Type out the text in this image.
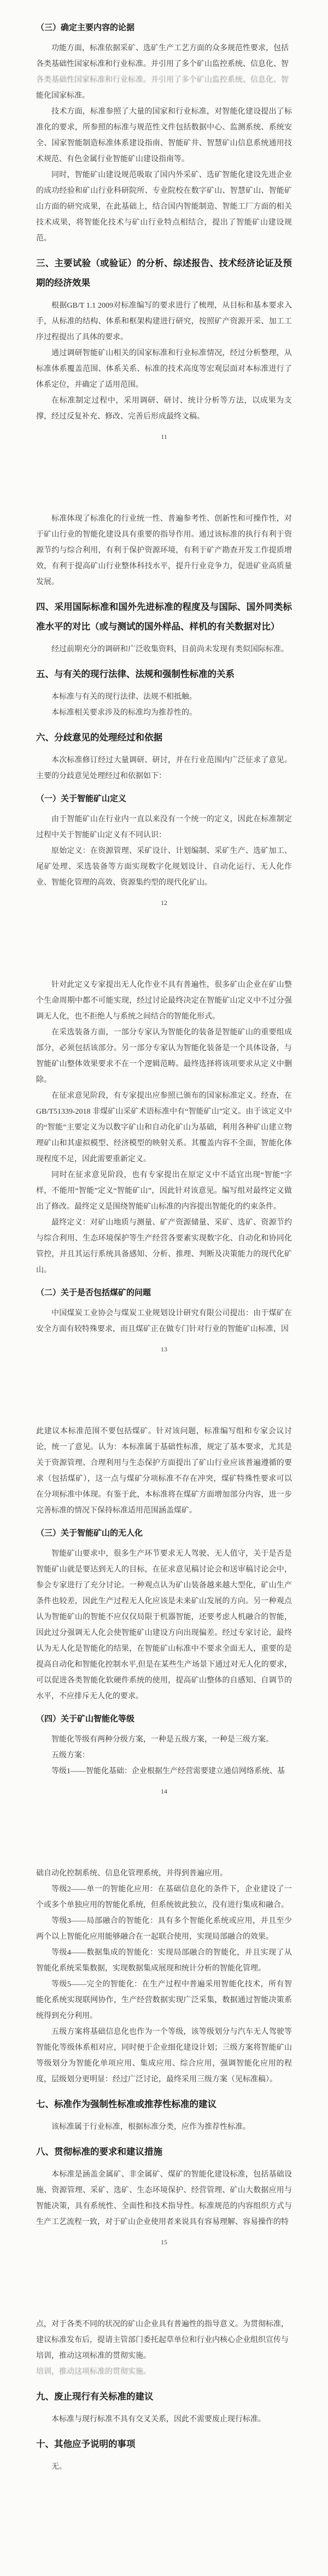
（三）确定主要内容的论据
功能方面，标准依据采矿、选矿生产工艺方面的众多规范性要求，包括
各类基础性国家标准和行业标准。并引用了多个矿山监控系统、信息化、智
各类基础性国家标准和行业标准。并引用了多个矿山监控系统、信息化、智
能化国家标准。

技术方面，标准参照了大量的国家和行业标准，对智能化建设提出了标准化的要求，所参照的标准与规范性文件包括数据中心、监测系统、系统安全、国家智能制造标准体系建设指南、智能矿井、智慧矿山信息系统通用技术规范、有色金属行业智能矿山建设指南等。

同时，智能矿山建设规范吸取了国内外采矿、选矿智能化建设先进企业的成功经验和矿山行业科研院所、专业院校在数字矿山、智慧矿山、智能矿山方面的研究成果，在此基础上，结合国内智能制造、智能工厂方面的相关技术成果，将智能化技术与矿山行业特点相结合，提出了智能矿山建设规范。

三、主要试验（或验证）的分析、综述报告、技术经济论证及预期的经济效果

根据GB/T 1.1 2009对标准编写的要求进行了梳理，从目标和基本要求入手，从标准的结构、体系和框架构建进行研究，按照矿产资源开采、加工工序过程提出了具体的要求。

通过调研智能矿山相关的国家标准和行业标准情况，经过分析整理，从标准体系覆盖范围、体系关系、标准的技术高度等宏观层面对本标准进行了体系定位，并确定了适用范围。

在标准制定过程中，采用调研、研讨、统计分析等方法，以成果为支撑，经过反复补充、修改、完善后形成最终文稿。

11

标准体现了标准化的行业统一性、普遍参考性、创新性和可操作性，对于矿山行业的智能化建设具有重要的指导作用。通过该标准的执行有利于资源节约与综合利用，有利于保护资源环境，有利于矿产勘查开发工作提质增效，有利于提高矿山行业整体科技水平，提升行业竞争力，促进矿业高质量发展。

四、采用国际标准和国外先进标准的程度及与国际、国外同类标准水平的对比（或与测试的国外样品、样机的有关数据对比）

经过前期充分的调研和广泛收集资料，目前尚未发现有类似国际标准。

五、与有关的现行法律、法规和强制性标准的关系

本标准与有关的现行法律、法规不相抵触。

本标准相关要求涉及的标准均为推荐性的。

六、分歧意见的处理经过和依据

本次标准修订经过大量调研、研讨，并在行业范围内广泛征求了意见。主要的分歧意见处理经过和依据如下：

（一）关于智能矿山定义

由于智能矿山在行业内一直以来没有一个统一的定义，因此在标准制定过程中关于智能矿山定义有不同认识：

原始定义：在资源管理、采矿设计、计划编制、采矿生产、选矿加工、尾矿处理、采选装备等方面实现数字化规划设计、自动化运行、无人化作业、智能化管理的高效、资源集约型的现代化矿山。

12

针对此定义专家提出无人化作业不具有普遍性，很多矿山企业在矿山整个生命周期中都不可能实现，经过讨论最终决定在智能矿山定义中不过分强调无人化，也不拒绝人与系统之间结合的智能化形式。

在采选装备方面，一部分专家认为智能化的装备是智能矿山的重要组成部分，必须包括该部分。另一部分专家认为智能化装备是一个具体设备，与智能矿山整体效果要求不在一个逻辑范畴。最终选择将该项要求从定义中删除。

在征求意见阶段，有专家提出应参照已颁布的国家标准定义。经查，在GB/T51339-2018 非煤矿山采矿术语标准中有“智能矿山”定义。由于该定义中的“智能”主要定义为以数字矿山和自动化矿山为基础，利用各种矿山建立物理矿山和其虚拟模型、经济模型的映射关系。其覆盖内容不全面，智能化体现程度不足，因此需要重新定义。

同时在征求意见阶段，也有专家提出在原定义中不适宜出现“智能”字样，不能用“智能”定义“智能矿山”，因此针对该意见。编写组对最终定义做出了修改。最终定义是围绕智能矿山标准的内容提出智能化的约束条件。

最终定义：对矿山地质与测量、矿产资源储量、采矿、选矿、资源节约与综合利用、生态环境保护等生产经营各要素实现数字化、自动化和协同化管控，并且其运行系统具备感知、分析、推理、判断及决策能力的现代化矿山。

（二）关于是否包括煤矿的问题

中国煤炭工业协会与煤炭工业规划设计研究有限公司提出：由于煤矿在安全方面有较特殊要求，而且煤矿正在做专门针对行业的智能矿山标准，因

13

此建议本标准范围不要包括煤矿。针对该问题，标准编写组和专家会议讨论，统一了意见。认为：本标准属于基础性标准，规定了基本要求，尤其是关于资源管理、合理利用与生态保护方面提出了矿山行业应该普遍遵循的要求（包括煤矿），这一点与煤矿分项标准不存在冲突，煤矿特殊性要求可以在分项标准中体现。有鉴于此，本标准将在煤矿方面增加部分内容，进一步完善标准的情况下保持标准适用范围涵盖煤矿。

（三）关于智能矿山的无人化

智能矿山要求中，很多生产环节要求无人驾驶、无人值守，关于是否是智能矿山就是要达到无人的目标，在征求意见稿讨论会和送审稿讨论会中，参会专家进行了充分讨论。一种观点认为矿山装备越来越大型化，矿山生产条件也较差，因此生产过程无人化应该是未来矿山发展的方向。另一种观点认为智能矿山的智能不应仅仅局限于机器智能，还要考虑人机融合的智能，因此过分强调无人化会使智能矿山建设方向出现偏差。经过专家讨论，最终认为无人化是智能化的结果，在智能矿山标准中不要求全面无人，重要的是提高自动化和智能化控制水平,但是在某些生产场景下通过对无人化的要求，可以促进各类智能化软硬件系统的使用，提高矿山整体的自感知、自调节的水平，不应排斥无人化的要求。

（四）关于矿山智能化等级

智能化等级有两种分级方案，一种是五级方案，一种是三级方案。

五级方案：

等级1——智能化基础：企业根据生产经营需要建立通信网络系统、基

14

础自动化控制系统、信息化管理系统，并得到普遍应用。

等级2——单一的智能化应用：在基础信息化的条件下，企业建设了一个或多个单独应用的智能化系统，但系统彼此独立，没有进行集成和融合。

等级3——局部融合的智能化：具有多个智能化系统或应用，并且至少两个以上智能化应用能够融合在一起联合使用，实现局部融合的效果。

等级4——数据集成的智能化：实现局部融合的智能化，并且实现了从智能化系统采集数据，实现数据集成展现和统计分析的智能化管理。

等级5——完全的智能化：在生产过程中普遍采用智能化技术，所有智能化系统实现联网协作，生产经营数据实现广泛采集，数据通过智能决策系统得到充分利用。

五级方案将基础信息化也作为一个等级，该等级划分与汽车无人驾驶等智能化等级体系相对应，同时便于企业细化建设计划；三级方案将智能矿山等级划分为智能化单项应用、集成应用、综合应用，强调智能化应用的程度，层级划分更明显：经过广泛讨论，最终采用三级方案（见标准稿）。

七、标准作为强制性标准或推荐性标准的建议

该标准属于行业标准，根据标准分类，应作为推荐性标准。

八、贯彻标准的要求和建议措施

本标准是涵盖金属矿、非金属矿、煤矿的智能化建设标准，包括基础设施、资源管理、采矿、选矿、生态环境保护、经营管理、矿山大数据应用与智能决策，具有系统性、全面性和技术指导性。标准规范的内容组织方式与生产工艺流程一致，对于矿山企业使用者来说具有容易理解、容易操作的特

15
点，对于各类不同的状况的矿山企业具有普遍性的指导意义。为贯彻标准，
建议标准发布后，提请主管部门委托起草单位和行业内核心企业组织宣传与
培训，推动这项标准的贯彻实施。
培训，推动这项标准的贯彻实施。
九、废止现行有关标准的建议

本标准与现行标准不具有交叉关系，因此不需要废止现行标准。

十、其他应予说明的事项

无。
